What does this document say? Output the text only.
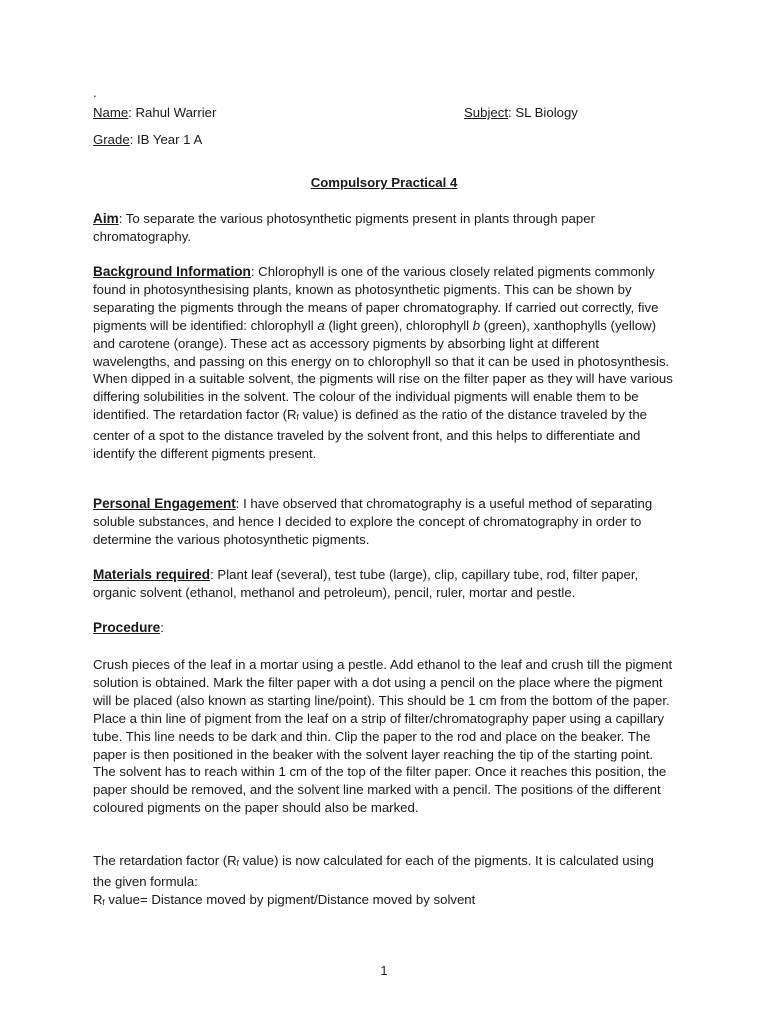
.
Name: Rahul Warrier	Subject: SL Biology
Grade: IB Year 1 A
Compulsory Practical 4
Aim: To separate the various photosynthetic pigments present in plants through paper chromatography.
Background Information: Chlorophyll is one of the various closely related pigments commonly found in photosynthesising plants, known as photosynthetic pigments. This can be shown by separating the pigments through the means of paper chromatography. If carried out correctly, five pigments will be identified: chlorophyll a (light green), chlorophyll b (green), xanthophylls (yellow) and carotene (orange). These act as accessory pigments by absorbing light at different wavelengths, and passing on this energy on to chlorophyll so that it can be used in photosynthesis. When dipped in a suitable solvent, the pigments will rise on the filter paper as they will have various differing solubilities in the solvent. The colour of the individual pigments will enable them to be identified. The retardation factor ($R_f$ value) is defined as the ratio of the distance traveled by the center of a spot to the distance traveled by the solvent front, and this helps to differentiate and identify the different pigments present.
Personal Engagement: I have observed that chromatography is a useful method of separating soluble substances, and hence I decided to explore the concept of chromatography in order to determine the various photosynthetic pigments.
Materials required: Plant leaf (several), test tube (large), clip, capillary tube, rod, filter paper, organic solvent (ethanol, methanol and petroleum), pencil, ruler, mortar and pestle.
Procedure:
Crush pieces of the leaf in a mortar using a pestle. Add ethanol to the leaf and crush till the pigment solution is obtained. Mark the filter paper with a dot using a pencil on the place where the pigment will be placed (also known as starting line/point). This should be 1 cm from the bottom of the paper. Place a thin line of pigment from the leaf on a strip of filter/chromatography paper using a capillary tube. This line needs to be dark and thin. Clip the paper to the rod and place on the beaker. The paper is then positioned in the beaker with the solvent layer reaching the tip of the starting point. The solvent has to reach within 1 cm of the top of the filter paper. Once it reaches this position, the paper should be removed, and the solvent line marked with a pencil. The positions of the different coloured pigments on the paper should also be marked.
The retardation factor ($R_f$ value) is now calculated for each of the pigments. It is calculated using the given formula:
$R_f$ value= Distance moved by pigment/Distance moved by solvent
1
